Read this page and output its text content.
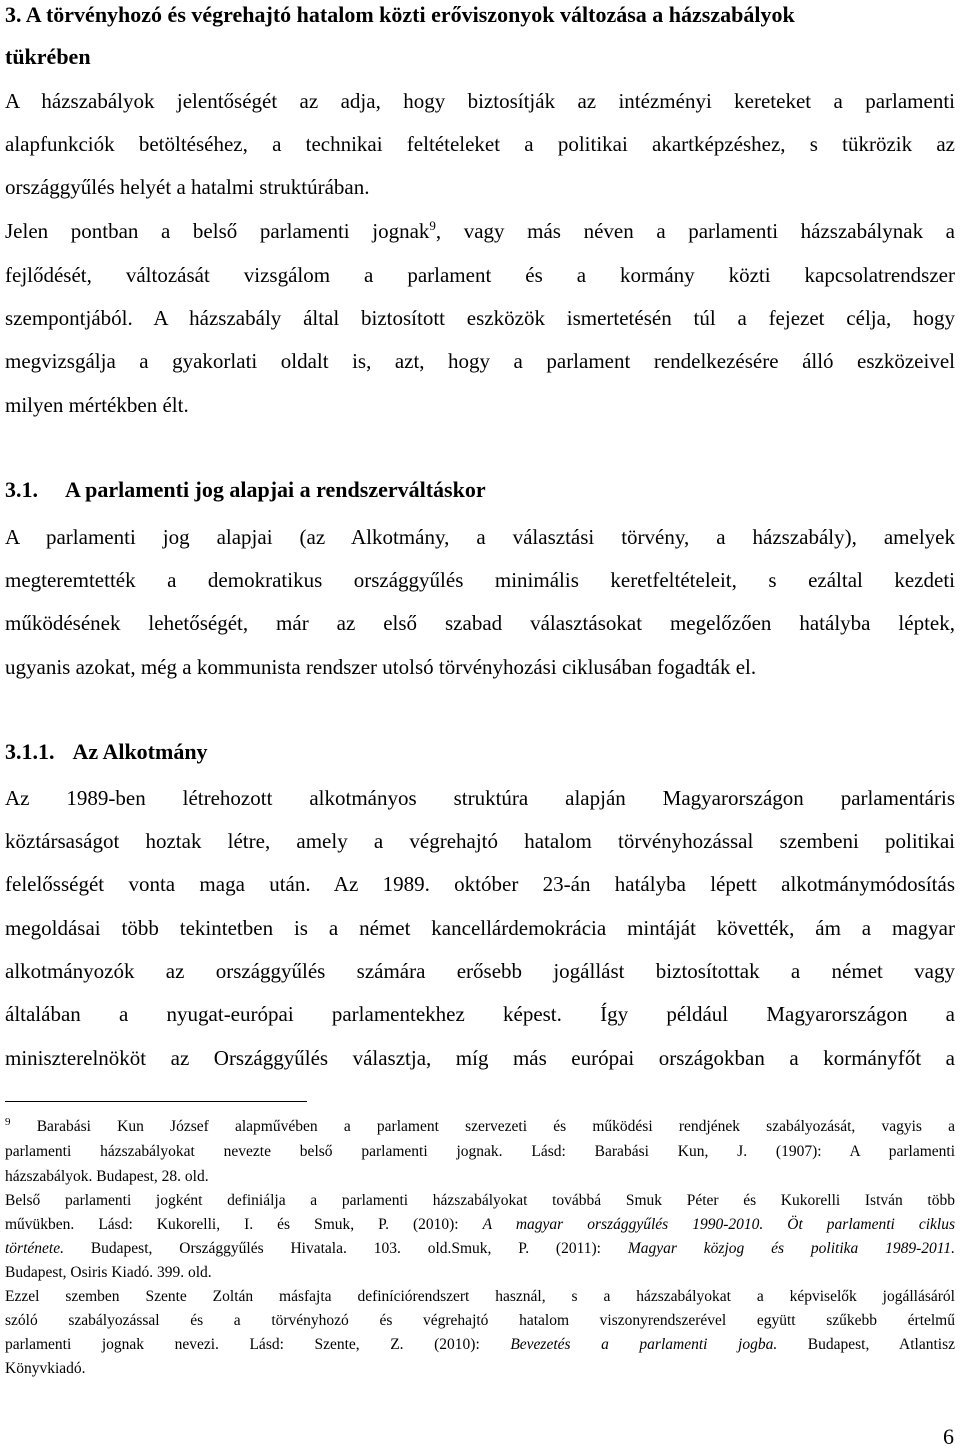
3. A törvényhozó és végrehajtó hatalom közti erőviszonyok változása a házszabályok
tükrében
A házszabályok jelentőségét az adja, hogy biztosítják az intézményi kereteket a parlamenti
alapfunkciók betöltéséhez, a technikai feltételeket a politikai akartképzéshez, s tükrözik az
országgyűlés helyét a hatalmi struktúrában.
Jelen pontban a belső parlamenti jognak$^9$, vagy más néven a parlamenti házszabálynak a
fejlődését, változását vizsgálom a parlament és a kormány közti kapcsolatrendszer
szempontjából. A házszabály által biztosított eszközök ismertetésén túl a fejezet célja, hogy
megvizsgálja a gyakorlati oldalt is, azt, hogy a parlament rendelkezésére álló eszközeivel
milyen mértékben élt.
3.1. A parlamenti jog alapjai a rendszerváltáskor
A parlamenti jog alapjai (az Alkotmány, a választási törvény, a házszabály), amelyek
megteremtették a demokratikus országgyűlés minimális keretfeltételeit, s ezáltal kezdeti
működésének lehetőségét, már az első szabad választásokat megelőzően hatályba léptek,
ugyanis azokat, még a kommunista rendszer utolsó törvényhozási ciklusában fogadták el.
3.1.1. Az Alkotmány
Az 1989-ben létrehozott alkotmányos struktúra alapján Magyarországon parlamentáris
köztársaságot hoztak létre, amely a végrehajtó hatalom törvényhozással szembeni politikai
felelősségét vonta maga után. Az 1989. október 23-án hatályba lépett alkotmánymódosítás
megoldásai több tekintetben is a német kancellárdemokrácia mintáját követték, ám a magyar
alkotmányozók az országgyűlés számára erősebb jogállást biztosítottak a német vagy
általában a nyugat-európai parlamentekhez képest. Így például Magyarországon a
miniszterelnököt az Országgyűlés választja, míg más európai országokban a kormányfőt a
$^9$ Barabási Kun József alapművében a parlament szervezeti és működési rendjének szabályozását, vagyis a
parlamenti házszabályokat nevezte belső parlamenti jognak. Lásd: Barabási Kun, J. (1907): A parlamenti
házszabályok. Budapest, 28. old.
Belső parlamenti jogként definiálja a parlamenti házszabályokat továbbá Smuk Péter és Kukorelli István több
művükben. Lásd: Kukorelli, I. és Smuk, P. (2010): A magyar országgyűlés 1990-2010. Öt parlamenti ciklus
története. Budapest, Országgyűlés Hivatala. 103. old.Smuk, P. (2011): Magyar közjog és politika 1989-2011.
Budapest, Osiris Kiadó. 399. old.
Ezzel szemben Szente Zoltán másfajta definíciórendszert használ, s a házszabályokat a képviselők jogállásáról
szóló szabályozással és a törvényhozó és végrehajtó hatalom viszonyrendszerével együtt szűkebb értelmű
parlamenti jognak nevezi. Lásd: Szente, Z. (2010): Bevezetés a parlamenti jogba. Budapest, Atlantisz
Könyvkiadó.
6
